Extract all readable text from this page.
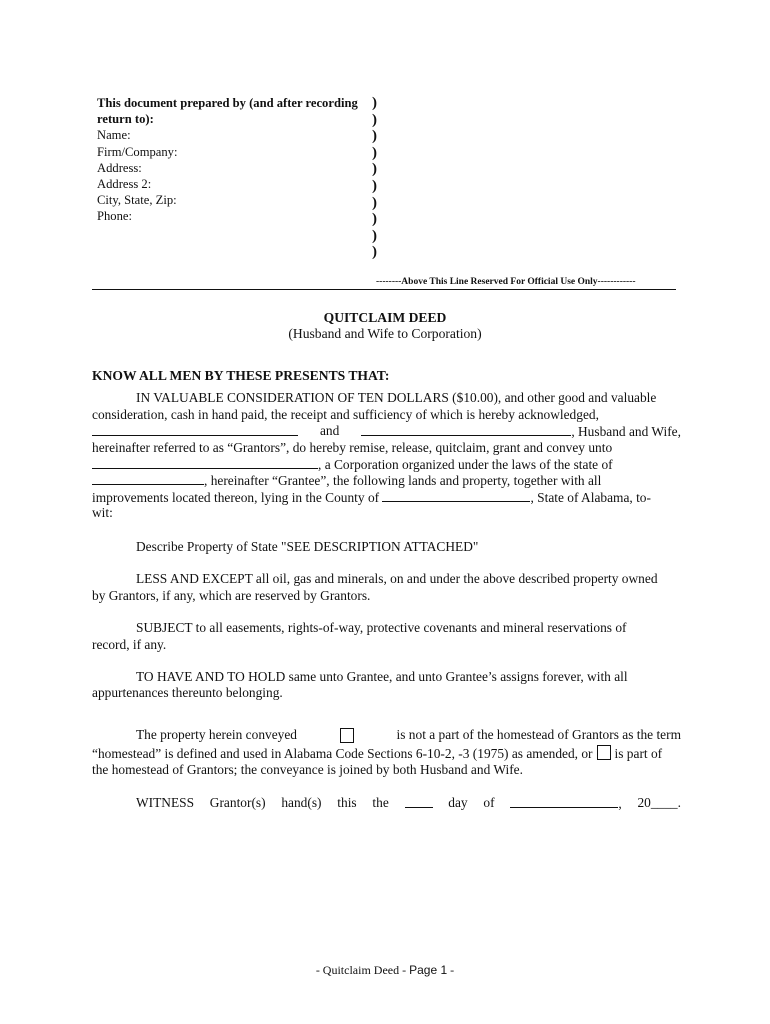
This document prepared by (and after recording return to):
Name:
Firm/Company:
Address:
Address 2:
City, State, Zip:
Phone:
)
)
)
)
)
)
)
)
)
)
--------Above This Line Reserved For Official Use Only------------
QUITCLAIM DEED
(Husband and Wife to Corporation)
KNOW ALL MEN BY THESE PRESENTS THAT:
IN VALUABLE CONSIDERATION OF TEN DOLLARS ($10.00), and other good and valuable
consideration, cash in hand paid, the receipt and sufficiency of which is hereby acknowledged,
and	, Husband and Wife,
hereinafter referred to as “Grantors”, do hereby remise, release, quitclaim, grant and convey unto
, a Corporation organized under the laws of the state of
, hereinafter “Grantee”, the following lands and property, together with all
improvements located thereon, lying in the County of	, State of Alabama, to-
wit:
Describe Property of State "SEE DESCRIPTION ATTACHED"
LESS AND EXCEPT all oil, gas and minerals, on and under the above described property owned
by Grantors, if any, which are reserved by Grantors.
SUBJECT to all easements, rights-of-way, protective covenants and mineral reservations of
record, if any.
TO HAVE AND TO HOLD same unto Grantee, and unto Grantee’s assigns forever, with all
appurtenances thereunto belonging.
The property herein conveyed	is not a part of the homestead of Grantors as the term
“homestead” is defined and used in Alabama Code Sections 6-10-2, -3 (1975) as amended, or is part of
the homestead of Grantors; the conveyance is joined by both Husband and Wife.
WITNESS Grantor(s) hand(s) this the	day of	, 20____.
- Quitclaim Deed - Page 1 -
